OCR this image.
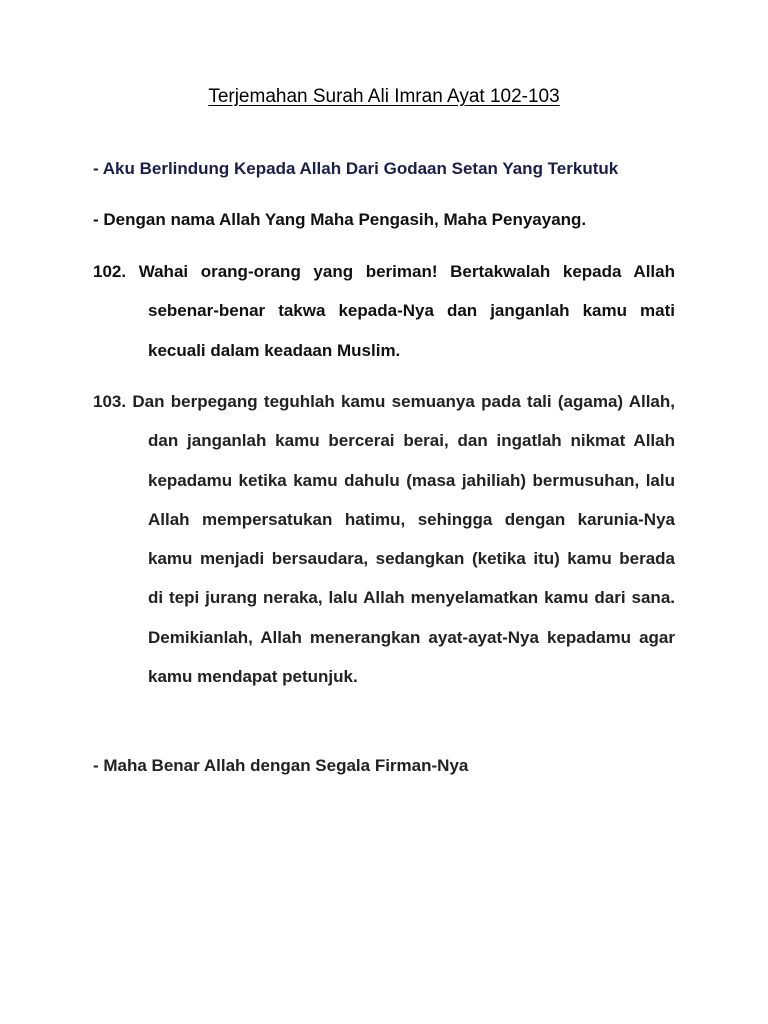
Terjemahan Surah Ali Imran Ayat 102-103

- Aku Berlindung Kepada Allah Dari Godaan Setan Yang Terkutuk

- Dengan nama Allah Yang Maha Pengasih, Maha Penyayang.

102. Wahai orang-orang yang beriman! Bertakwalah kepada Allah sebenar-benar takwa kepada-Nya dan janganlah kamu mati kecuali dalam keadaan Muslim.

103. Dan berpegang teguhlah kamu semuanya pada tali (agama) Allah, dan janganlah kamu bercerai berai, dan ingatlah nikmat Allah kepadamu ketika kamu dahulu (masa jahiliah) bermusuhan, lalu Allah mempersatukan hatimu, sehingga dengan karunia-Nya kamu menjadi bersaudara, sedangkan (ketika itu) kamu berada di tepi jurang neraka, lalu Allah menyelamatkan kamu dari sana. Demikianlah, Allah menerangkan ayat-ayat-Nya kepadamu agar kamu mendapat petunjuk.

- Maha Benar Allah dengan Segala Firman-Nya
